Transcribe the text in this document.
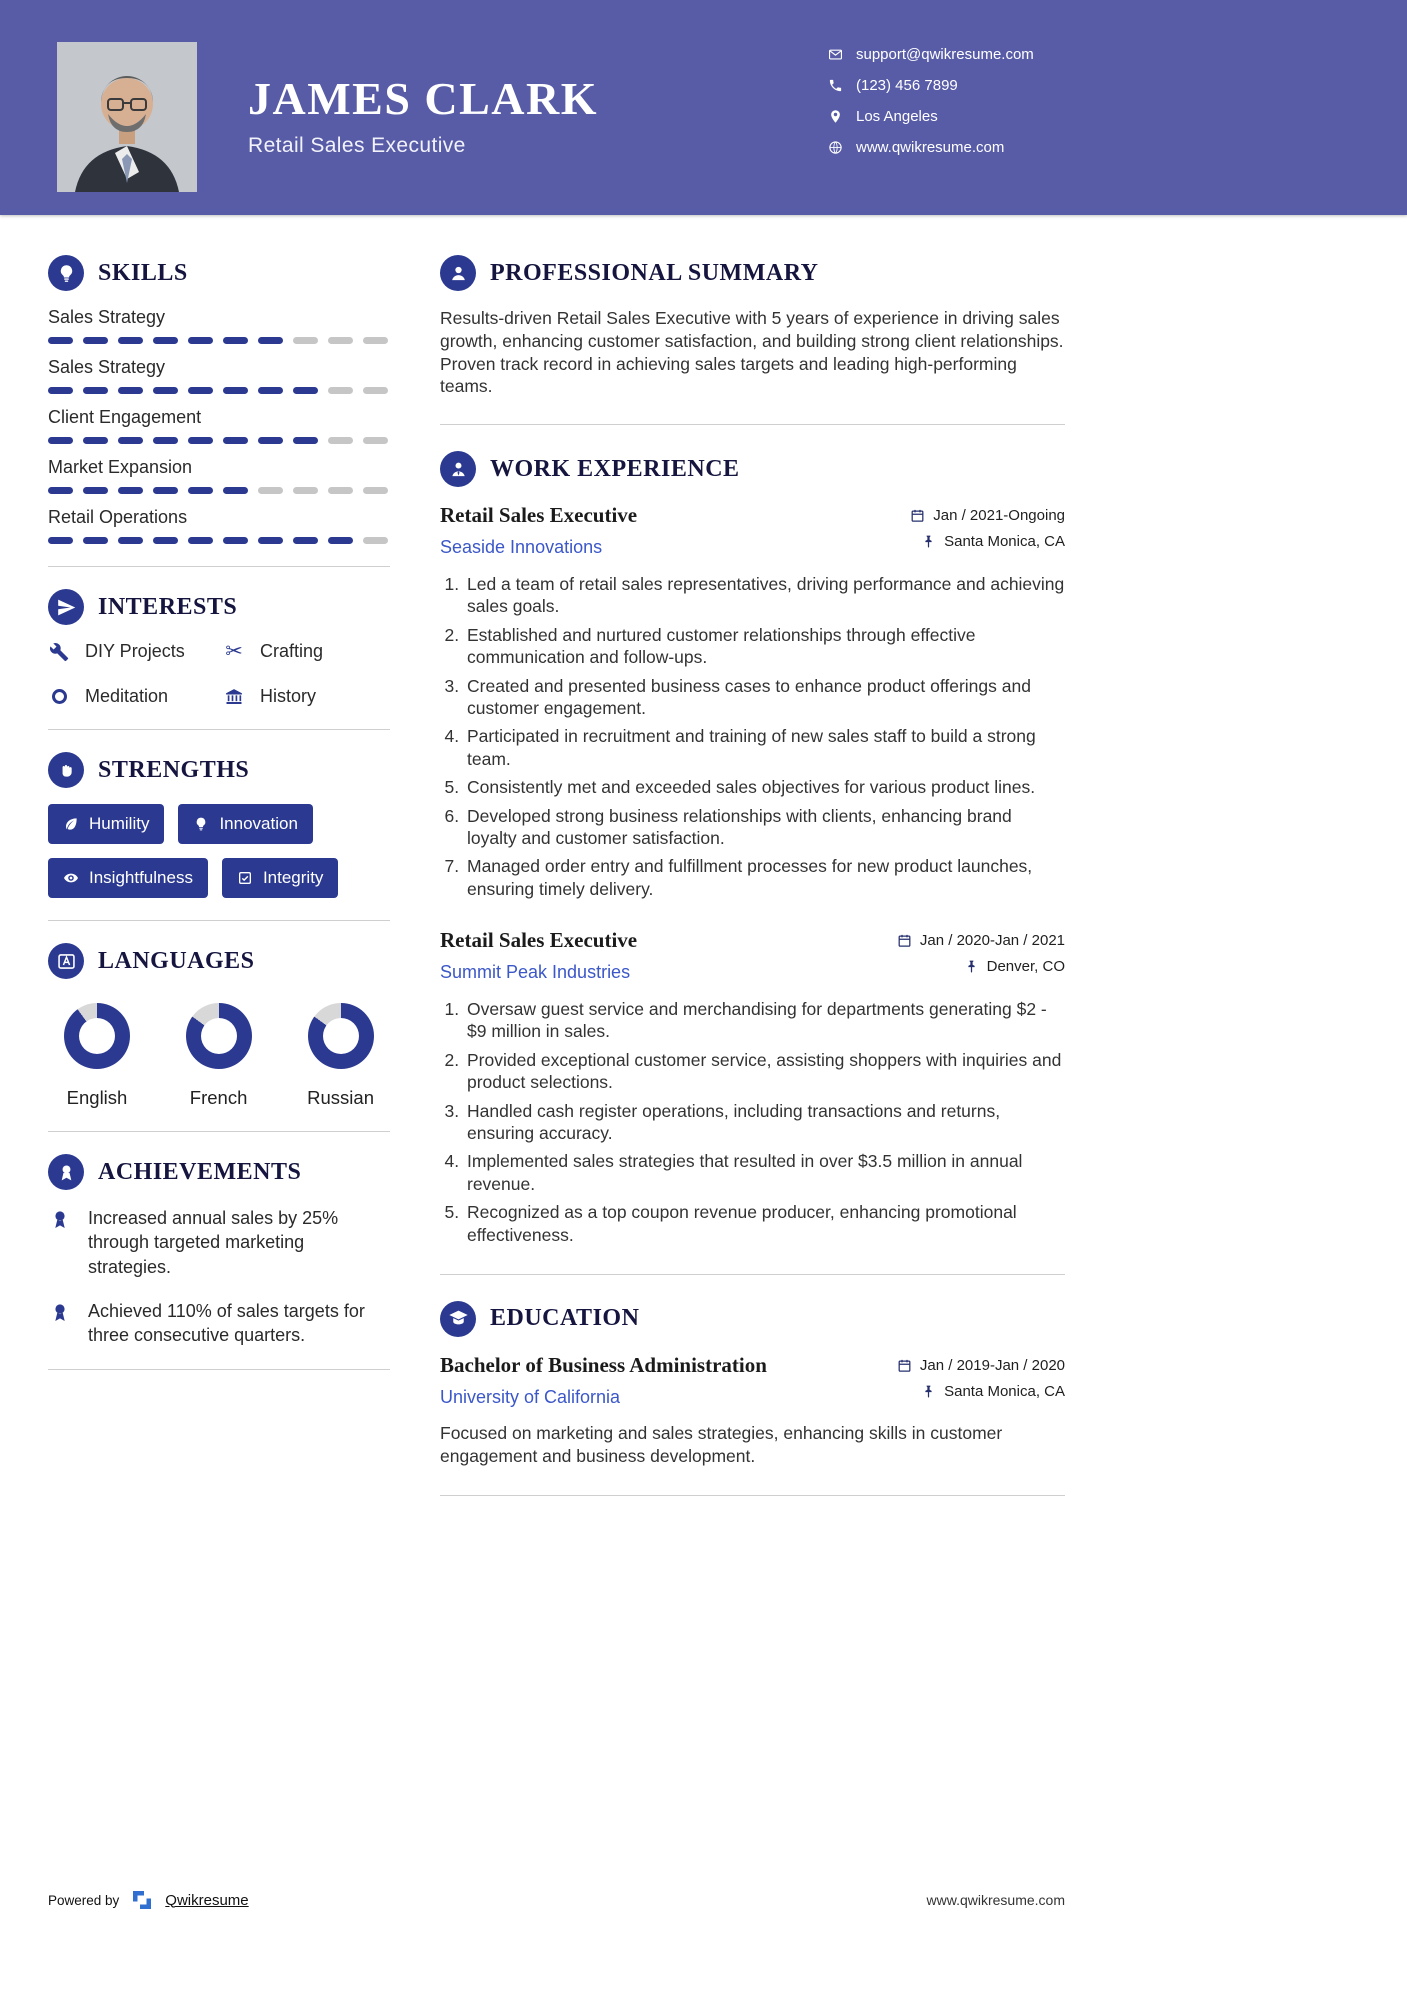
JAMES CLARK
Retail Sales Executive
support@qwikresume.com
(123) 456 7899
Los Angeles
www.qwikresume.com
SKILLS
Sales Strategy
Sales Strategy
Client Engagement
Market Expansion
Retail Operations
INTERESTS
DIY Projects ✂ Crafting
Meditation	History
STRENGTHS
Humility	Innovation
Insightfulness	Integrity
LANGUAGES
English	French	Russian
ACHIEVEMENTS

Increased annual sales by 25% through targeted marketing strategies.

Achieved 110% of sales targets for three consecutive quarters.

PROFESSIONAL SUMMARY

Results-driven Retail Sales Executive with 5 years of experience in driving sales growth, enhancing customer satisfaction, and building strong client relationships. Proven track record in achieving sales targets and leading high-performing teams.

WORK EXPERIENCE
Retail Sales Executive
Seaside Innovations
Jan / 2021-Ongoing
Santa Monica, CA
1. Led a team of retail sales representatives, driving performance and achieving sales goals.
2. Established and nurtured customer relationships through effective communication and follow-ups.
3. Created and presented business cases to enhance product offerings and customer engagement.
4. Participated in recruitment and training of new sales staff to build a strong team.
5. Consistently met and exceeded sales objectives for various product lines.
6. Developed strong business relationships with clients, enhancing brand loyalty and customer satisfaction.
7. Managed order entry and fulfillment processes for new product launches, ensuring timely delivery.
Retail Sales Executive
Summit Peak Industries
Jan / 2020-Jan / 2021
Denver, CO
1. Oversaw guest service and merchandising for departments generating $2 - $9 million in sales.
2. Provided exceptional customer service, assisting shoppers with inquiries and product selections.
3. Handled cash register operations, including transactions and returns, ensuring accuracy.
4. Implemented sales strategies that resulted in over $3.5 million in annual revenue.
5. Recognized as a top coupon revenue producer, enhancing promotional effectiveness.
EDUCATION
Bachelor of Business Administration
University of California
Jan / 2019-Jan / 2020
Santa Monica, CA

Focused on marketing and sales strategies, enhancing skills in customer engagement and business development.

Powered by	Qwikresume	www.qwikresume.com
